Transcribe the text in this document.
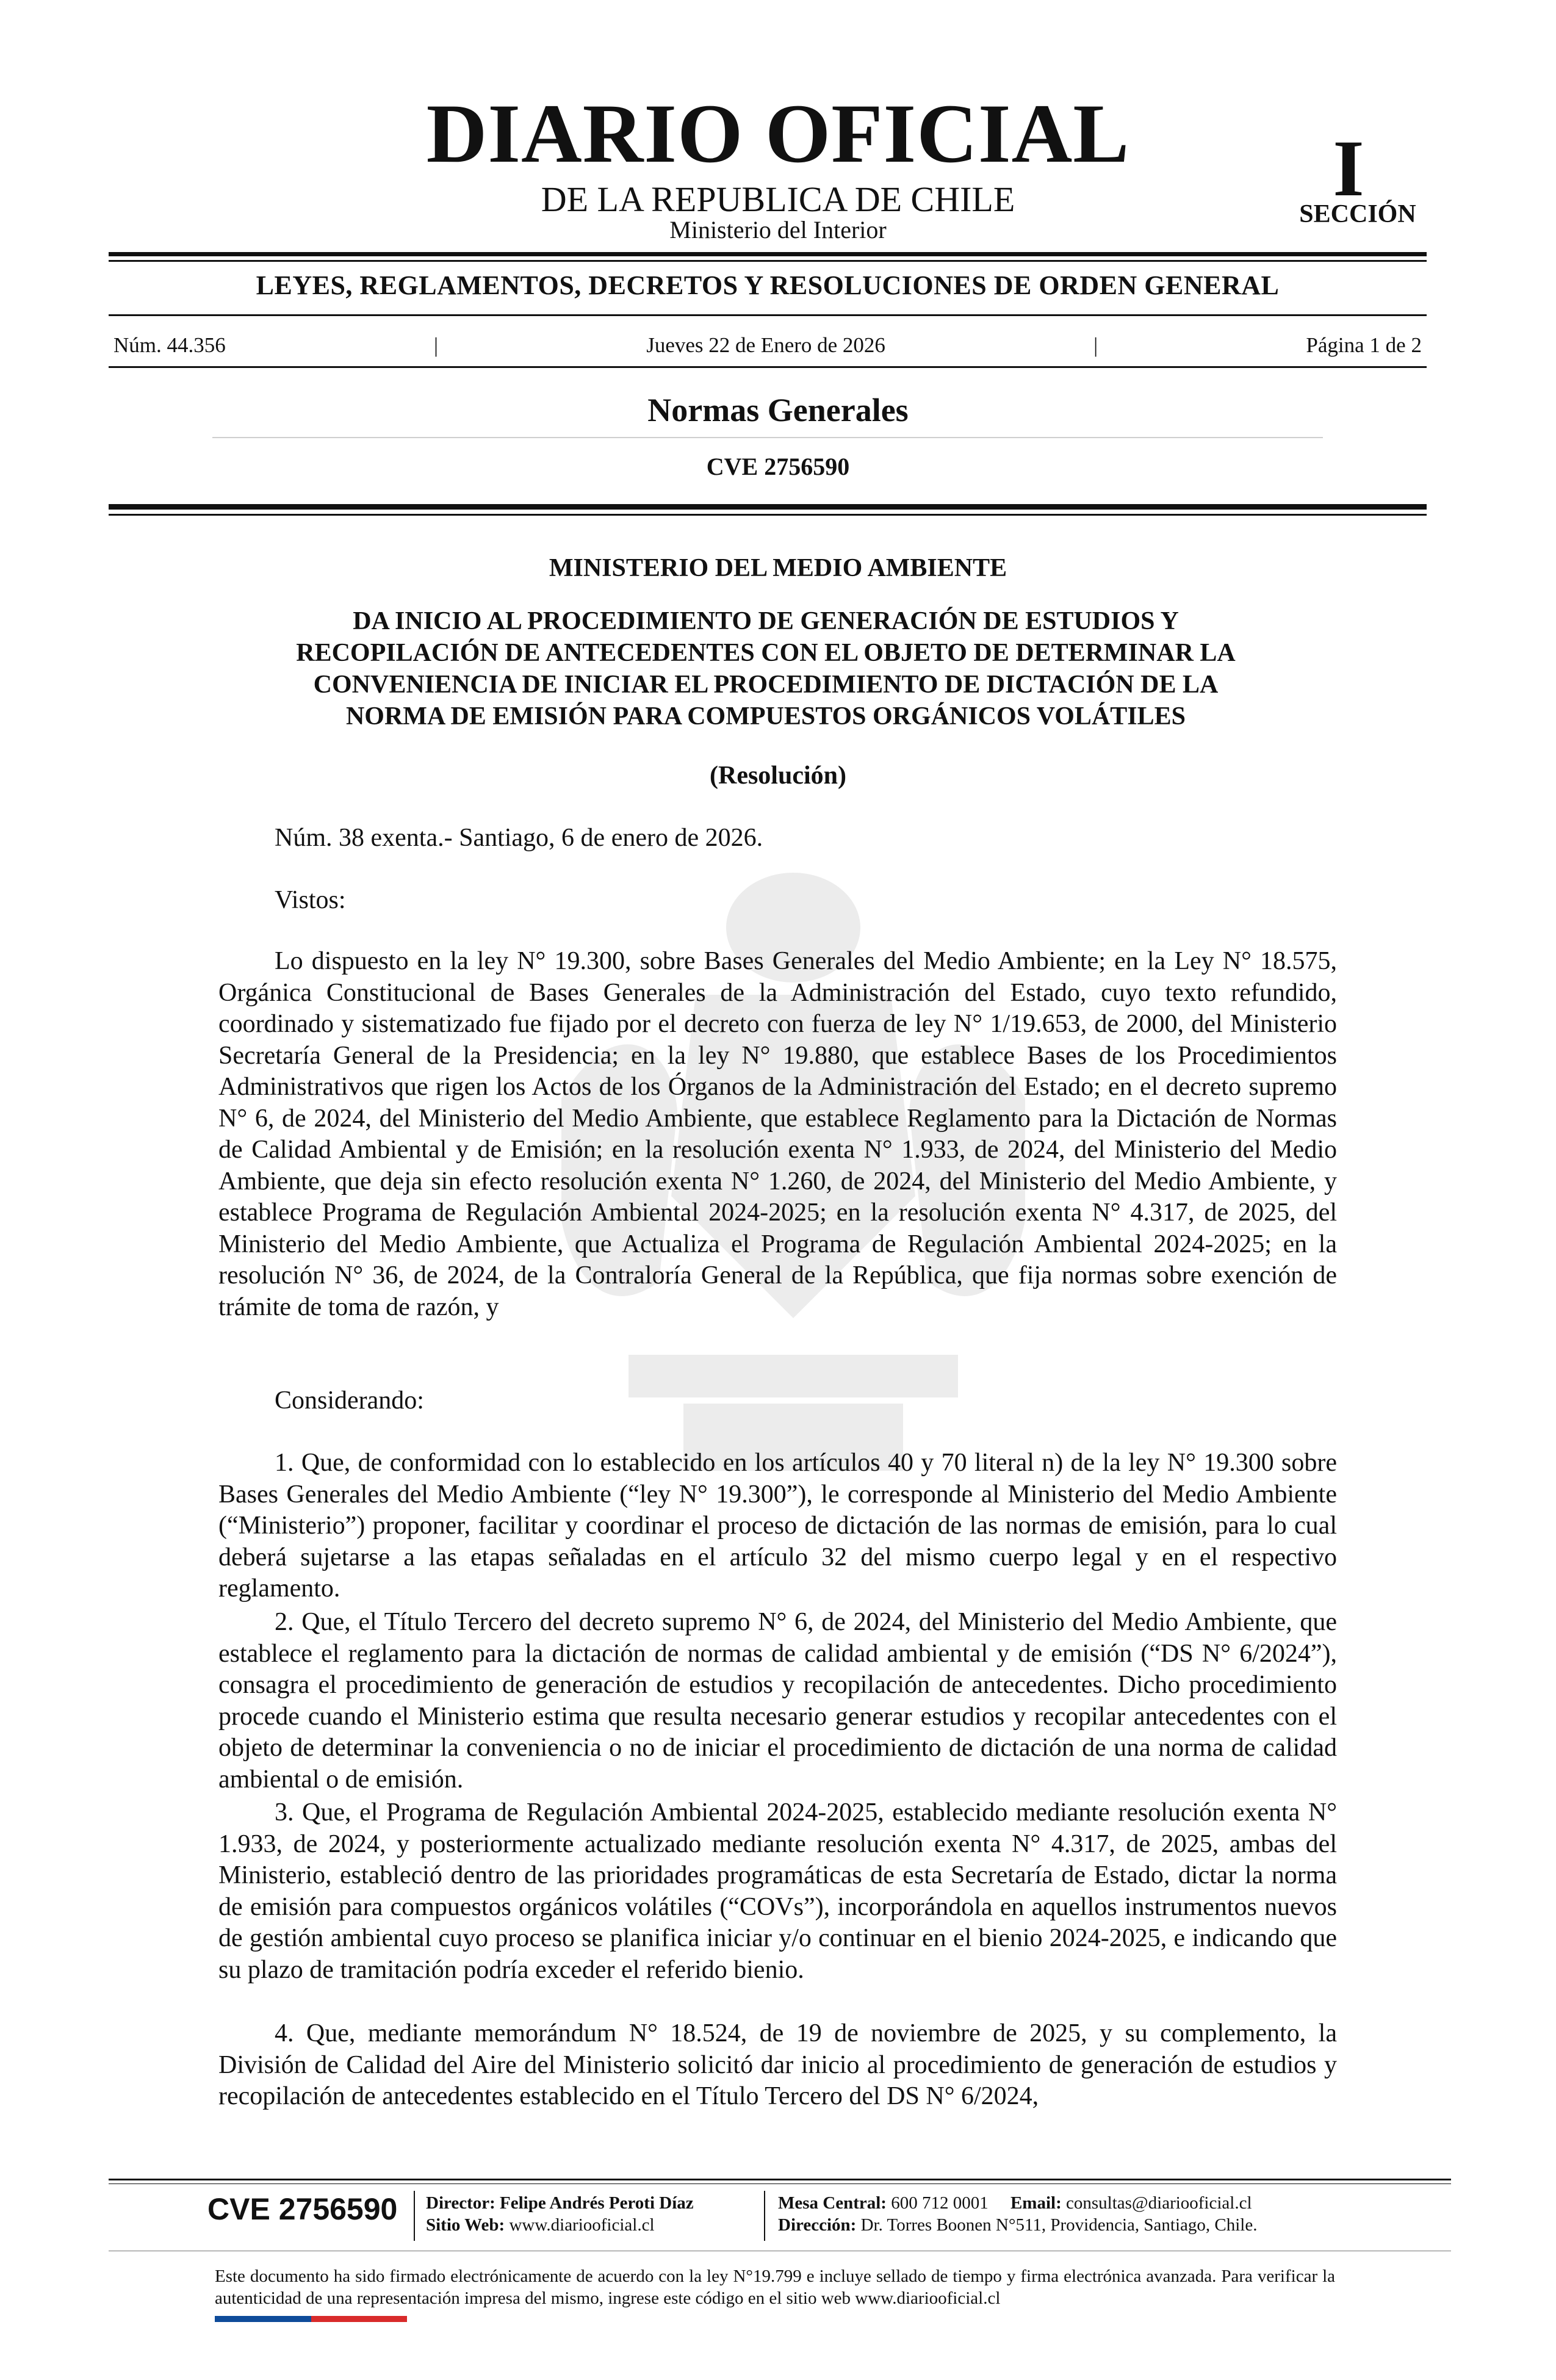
DIARIO OFICIAL
DE LA REPUBLICA DE CHILE
Ministerio del Interior
I
SECCIÓN
LEYES, REGLAMENTOS, DECRETOS Y RESOLUCIONES DE ORDEN GENERAL
Núm. 44.356	|	Jueves 22 de Enero de 2026	|	Página 1 de 2
Normas Generales
CVE 2756590
MINISTERIO DEL MEDIO AMBIENTE
DA INICIO AL PROCEDIMIENTO DE GENERACIÓN DE ESTUDIOS Y
RECOPILACIÓN DE ANTECEDENTES CON EL OBJETO DE DETERMINAR LA
CONVENIENCIA DE INICIAR EL PROCEDIMIENTO DE DICTACIÓN DE LA
NORMA DE EMISIÓN PARA COMPUESTOS ORGÁNICOS VOLÁTILES
(Resolución)
Núm. 38 exenta.- Santiago, 6 de enero de 2026.
Vistos:
Lo dispuesto en la ley N° 19.300, sobre Bases Generales del Medio Ambiente; en la Ley N° 18.575, Orgánica Constitucional de Bases Generales de la Administración del Estado, cuyo texto refundido, coordinado y sistematizado fue fijado por el decreto con fuerza de ley N° 1/19.653, de 2000, del Ministerio Secretaría General de la Presidencia; en la ley N° 19.880, que establece Bases de los Procedimientos Administrativos que rigen los Actos de los Órganos de la Administración del Estado; en el decreto supremo N° 6, de 2024, del Ministerio del Medio Ambiente, que establece Reglamento para la Dictación de Normas de Calidad Ambiental y de Emisión; en la resolución exenta N° 1.933, de 2024, del Ministerio del Medio Ambiente, que deja sin efecto resolución exenta N° 1.260, de 2024, del Ministerio del Medio Ambiente, y establece Programa de Regulación Ambiental 2024-2025; en la resolución exenta N° 4.317, de 2025, del Ministerio del Medio Ambiente, que Actualiza el Programa de Regulación Ambiental 2024-2025; en la resolución N° 36, de 2024, de la Contraloría General de la República, que fija normas sobre exención de trámite de toma de razón, y
Considerando:
1. Que, de conformidad con lo establecido en los artículos 40 y 70 literal n) de la ley N° 19.300 sobre Bases Generales del Medio Ambiente (“ley N° 19.300”), le corresponde al Ministerio del Medio Ambiente (“Ministerio”) proponer, facilitar y coordinar el proceso de dictación de las normas de emisión, para lo cual deberá sujetarse a las etapas señaladas en el artículo 32 del mismo cuerpo legal y en el respectivo reglamento.
2. Que, el Título Tercero del decreto supremo N° 6, de 2024, del Ministerio del Medio Ambiente, que establece el reglamento para la dictación de normas de calidad ambiental y de emisión (“DS N° 6/2024”), consagra el procedimiento de generación de estudios y recopilación de antecedentes. Dicho procedimiento procede cuando el Ministerio estima que resulta necesario generar estudios y recopilar antecedentes con el objeto de determinar la conveniencia o no de iniciar el procedimiento de dictación de una norma de calidad ambiental o de emisión.
3. Que, el Programa de Regulación Ambiental 2024-2025, establecido mediante resolución exenta N° 1.933, de 2024, y posteriormente actualizado mediante resolución exenta N° 4.317, de 2025, ambas del Ministerio, estableció dentro de las prioridades programáticas de esta Secretaría de Estado, dictar la norma de emisión para compuestos orgánicos volátiles (“COVs”), incorporándola en aquellos instrumentos nuevos de gestión ambiental cuyo proceso se planifica iniciar y/o continuar en el bienio 2024-2025, e indicando que su plazo de tramitación podría exceder el referido bienio.
4. Que, mediante memorándum N° 18.524, de 19 de noviembre de 2025, y su complemento, la División de Calidad del Aire del Ministerio solicitó dar inicio al procedimiento de generación de estudios y recopilación de antecedentes establecido en el Título Tercero del DS N° 6/2024,
CVE 2756590 Director: Felipe Andrés Peroti Díaz
Sitio Web: www.diariooficial.cl
Mesa Central: 600 712 0001 Email: consultas@diariooficial.cl
Dirección: Dr. Torres Boonen N°511, Providencia, Santiago, Chile.
Este documento ha sido firmado electrónicamente de acuerdo con la ley N°19.799 e incluye sellado de tiempo y firma electrónica avanzada. Para verificar la autenticidad de una representación impresa del mismo, ingrese este código en el sitio web www.diariooficial.cl
